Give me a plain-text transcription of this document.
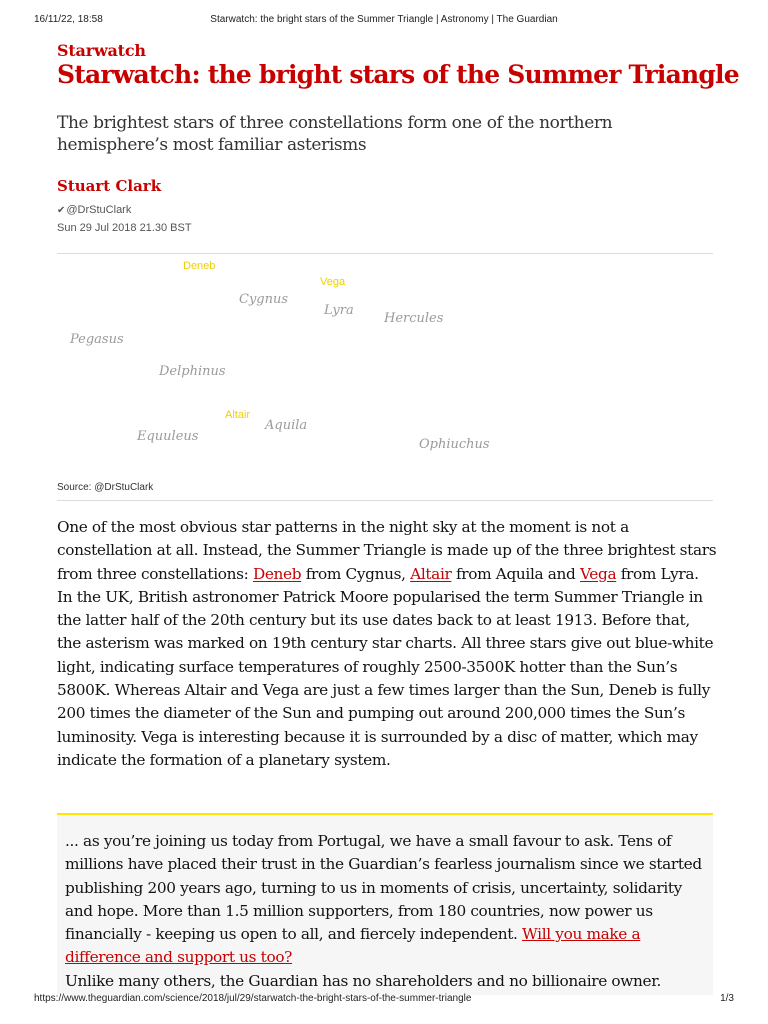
16/11/22, 18:58	Starwatch: the bright stars of the Summer Triangle | Astronomy | The Guardian
Starwatch
Starwatch: the bright stars of the Summer Triangle

The brightest stars of three constellations form one of the northern hemisphere’s most familiar asterisms

Stuart Clark
✔@DrStuClark
Sun 29 Jul 2018 21.30 BST
Deneb
Vega
Altair
Cygnus
Lyra
Hercules
Pegasus
Delphinus
Aquila
Equuleus
Ophiuchus
Source: @DrStuClark

One of the most obvious star patterns in the night sky at the moment is not a constellation at all. Instead, the Summer Triangle is made up of the three brightest stars from three constellations: Deneb from Cygnus, Altair from Aquila and Vega from Lyra. In the UK, British astronomer Patrick Moore popularised the term Summer Triangle in the latter half of the 20th century but its use dates back to at least 1913. Before that, the asterism was marked on 19th century star charts. All three stars give out blue-white light, indicating surface temperatures of roughly 2500-3500K hotter than the Sun’s 5800K. Whereas Altair and Vega are just a few times larger than the Sun, Deneb is fully 200 times the diameter of the Sun and pumping out around 200,000 times the Sun’s luminosity. Vega is interesting because it is surrounded by a disc of matter, which may indicate the formation of a planetary system.

... as you’re joining us today from Portugal, we have a small favour to ask. Tens of millions have placed their trust in the Guardian’s fearless journalism since we started publishing 200 years ago, turning to us in moments of crisis, uncertainty, solidarity and hope. More than 1.5 million supporters, from 180 countries, now power us financially - keeping us open to all, and fiercely independent. Will you make a difference and support us too?

Unlike many others, the Guardian has no shareholders and no billionaire owner.

https://www.theguardian.com/science/2018/jul/29/starwatch-the-bright-stars-of-the-summer-triangle	1/3
